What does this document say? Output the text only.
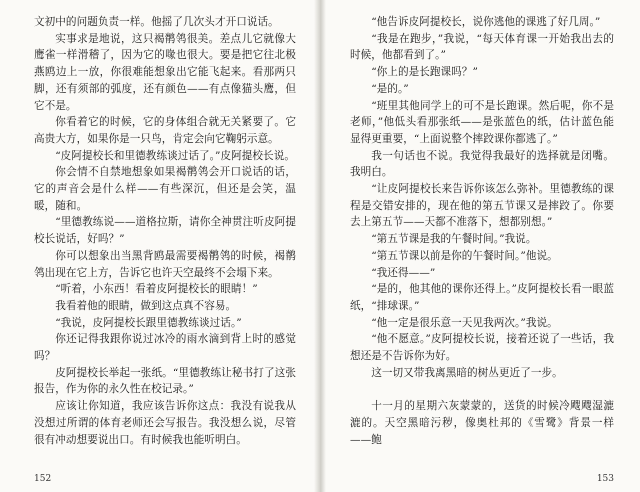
文初中的问题负责一样。他摇了几次头才开口说话。

实事求是地说，这只褐鹡鸰很美。差点儿它就像大鹰雀一样滑稽了，因为它的喙也很大。要是把它往北极燕鸥边上一放，你很难能想象出它能飞起来。看那两只脚，还有须部的弧度，还有颜色——有点像猫头鹰，但它不是。

你看着它的时候，它的身体组合就无关紧要了。它高贵大方，如果你是一只鸟，肯定会向它鞠躬示意。

“皮阿提校长和里德教练谈过话了。”皮阿提校长说。

你会情不自禁地想象如果褐鹡鸰会开口说话的话，它的声音会是什么样——有些深沉，但还是会笑，温暖，随和。

“里德教练说——道格拉斯，请你全神贯注听皮阿提校长说话，好吗？”

你可以想象出当黑背鸥最需要褐鹡鸰的时候，褐鹡鸰出现在它上方，告诉它也许天空最终不会塌下来。

“听着，小东西！看着皮阿提校长的眼睛！”

我看着他的眼睛，做到这点真不容易。

“我说，皮阿提校长跟里德教练谈过话。”

你还记得我跟你说过冰冷的雨水滴到背上时的感觉吗？

皮阿提校长举起一张纸。“里德教练让秘书打了这张报告，作为你的永久性在校记录。”

应该让你知道，我应该告诉你这点：我没有说我从没想过所谓的体育老师还会写报告。我没想么说，尽管很有冲动想要说出口。有时候我也能听明白。

152

“他告诉皮阿提校长，说你逃他的课逃了好几周。”

“我是在跑步，”我说，“每天体育课一开始我出去的时候，他都看到了。”

“你上的是长跑课吗？”

“是的。”

“班里其他同学上的可不是长跑课。然后呢，你不是老师，”他低头看那张纸——是张蓝色的纸，估计蓝色能显得更重要，“上面说整个摔跤课你都逃了。”

我一句话也不说。我觉得我最好的选择就是闭嘴。我明白。

“让皮阿提校长来告诉你该怎么弥补。里德教练的课程是交错安排的，现在他的第五节课又是摔跤了。你要去上第五节——天都不准落下，想都别想。”

“第五节课是我的午餐时间。”我说。

“第五节课以前是你的午餐时间。”他说。

“我还得——”

“是的，他其他的课你还得上。”皮阿提校长看一眼蓝纸，“排球课。”

“他一定是很乐意一天见我两次。”我说。

“他不愿意。”皮阿提校长说，接着还说了一些话，我想还是不告诉你为好。

这一切又带我离黑暗的树丛更近了一步。

十一月的星期六灰蒙蒙的，送货的时候冷飕飕湿漉漉的。天空黑暗污秽，像奥杜邦的《雪鹭》背景一样——鲍

153
